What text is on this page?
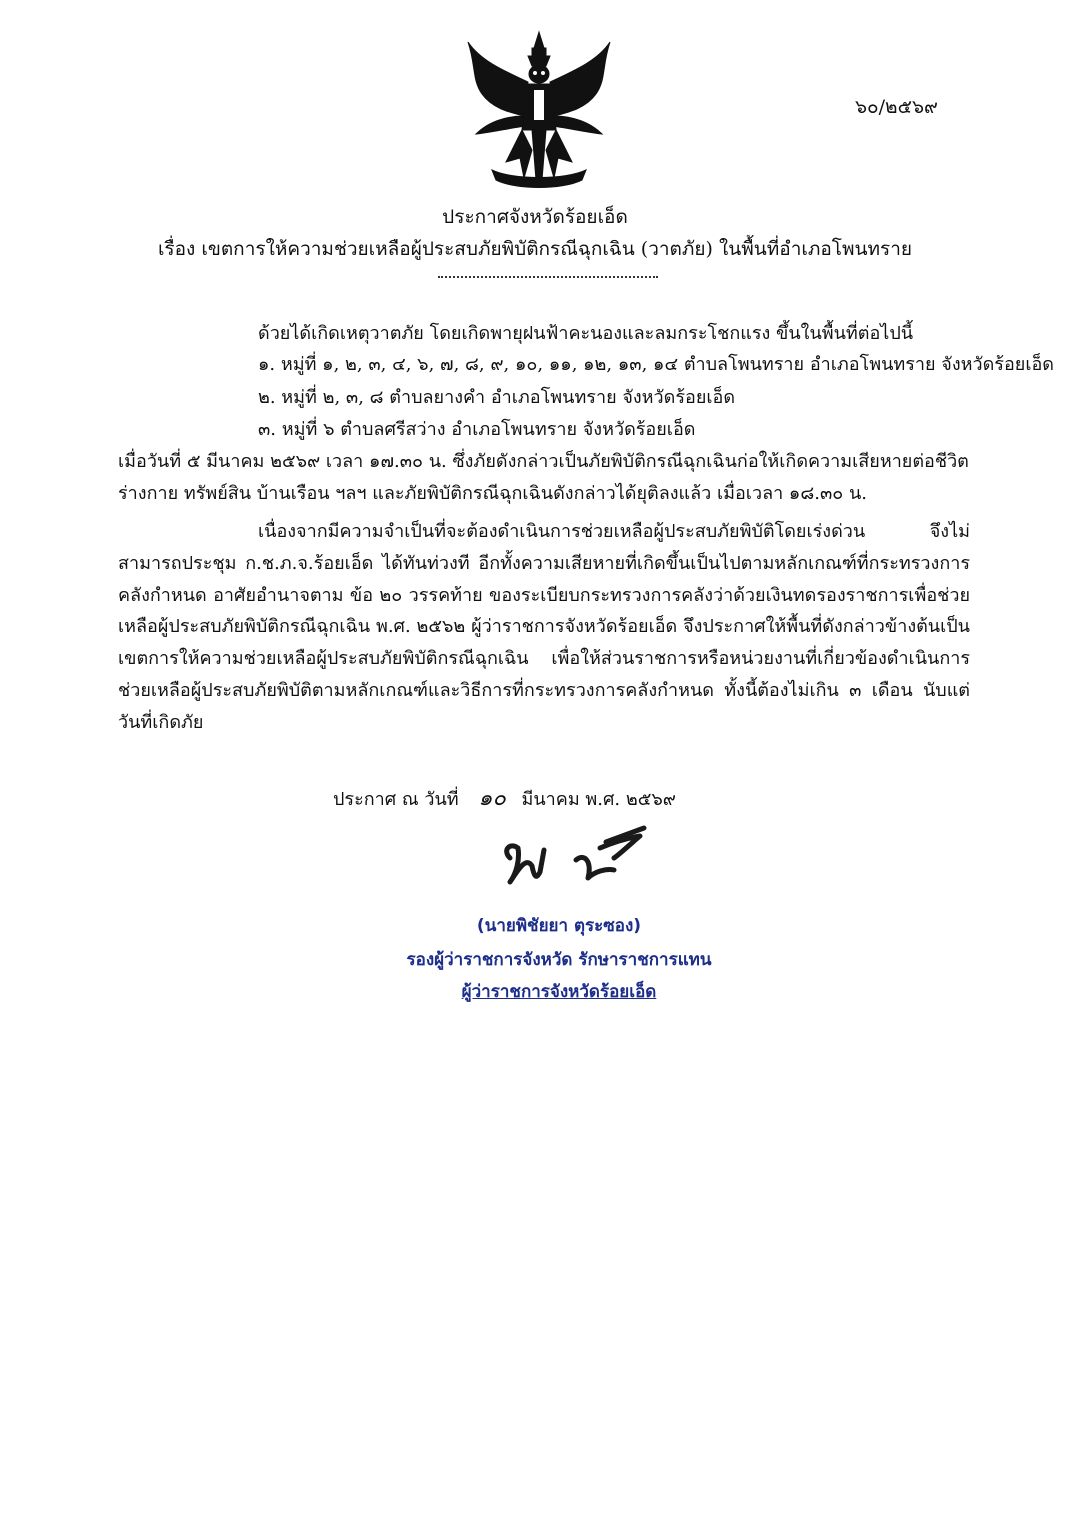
๖๐/๒๕๖๙
ประกาศจังหวัดร้อยเอ็ด
เรื่อง เขตการให้ความช่วยเหลือผู้ประสบภัยพิบัติกรณีฉุกเฉิน (วาตภัย) ในพื้นที่อำเภอโพนทราย
ด้วยได้เกิดเหตุวาตภัย โดยเกิดพายุฝนฟ้าคะนองและลมกระโชกแรง ขึ้นในพื้นที่ต่อไปนี้
๑. หมู่ที่ ๑, ๒, ๓, ๔, ๖, ๗, ๘, ๙, ๑๐, ๑๑, ๑๒, ๑๓, ๑๔ ตำบลโพนทราย อำเภอโพนทราย จังหวัดร้อยเอ็ด
๒. หมู่ที่ ๒, ๓, ๘ ตำบลยางคำ อำเภอโพนทราย จังหวัดร้อยเอ็ด
๓. หมู่ที่ ๖ ตำบลศรีสว่าง อำเภอโพนทราย จังหวัดร้อยเอ็ด
เมื่อวันที่ ๕ มีนาคม ๒๕๖๙ เวลา ๑๗.๓๐ น. ซึ่งภัยดังกล่าวเป็นภัยพิบัติกรณีฉุกเฉินก่อให้เกิดความเสียหายต่อชีวิต
ร่างกาย ทรัพย์สิน บ้านเรือน ฯลฯ และภัยพิบัติกรณีฉุกเฉินดังกล่าวได้ยุติลงแล้ว เมื่อเวลา ๑๘.๓๐ น.
เนื่องจากมีความจำเป็นที่จะต้องดำเนินการช่วยเหลือผู้ประสบภัยพิบัติโดยเร่งด่วน จึงไม่สามารถประชุม ก.ช.ภ.จ.ร้อยเอ็ด ได้ทันท่วงที อีกทั้งความเสียหายที่เกิดขึ้นเป็นไปตามหลักเกณฑ์ที่กระทรวงการคลังกำหนด อาศัยอำนาจตาม ข้อ ๒๐ วรรคท้าย ของระเบียบกระทรวงการคลังว่าด้วยเงินทดรองราชการเพื่อช่วยเหลือผู้ประสบภัยพิบัติกรณีฉุกเฉิน พ.ศ. ๒๕๖๒ ผู้ว่าราชการจังหวัดร้อยเอ็ด จึงประกาศให้พื้นที่ดังกล่าวข้างต้นเป็นเขตการให้ความช่วยเหลือผู้ประสบภัยพิบัติกรณีฉุกเฉิน เพื่อให้ส่วนราชการหรือหน่วยงานที่เกี่ยวข้องดำเนินการช่วยเหลือผู้ประสบภัยพิบัติตามหลักเกณฑ์และวิธีการที่กระทรวงการคลังกำหนด ทั้งนี้ต้องไม่เกิน ๓ เดือน นับแต่วันที่เกิดภัย
ประกาศ ณ วันที่ ๑๐ มีนาคม พ.ศ. ๒๕๖๙
(นายพิชัยยา ตุระซอง)
รองผู้ว่าราชการจังหวัด รักษาราชการแทน
ผู้ว่าราชการจังหวัดร้อยเอ็ด
